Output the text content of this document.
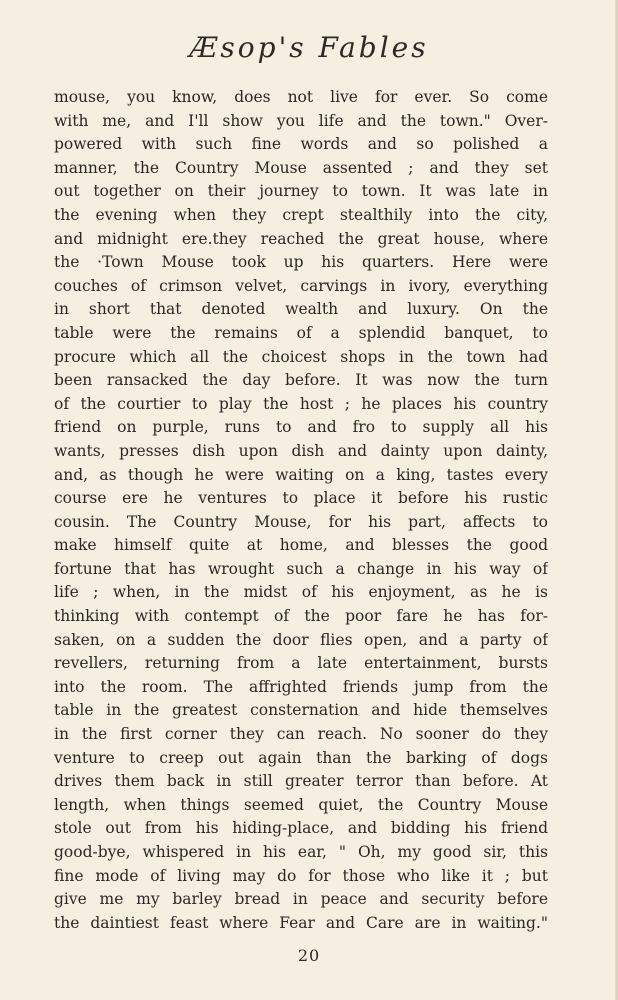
Æsop's Fables
mouse, you know, does not live for ever. So come
with me, and I'll show you life and the town." Over-
powered with such fine words and so polished a
manner, the Country Mouse assented ; and they set
out together on their journey to town. It was late in
the evening when they crept stealthily into the city,
and midnight ere.they reached the great house, where
the ·Town Mouse took up his quarters. Here were
couches of crimson velvet, carvings in ivory, everything
in short that denoted wealth and luxury. On the
table were the remains of a splendid banquet, to
procure which all the choicest shops in the town had
been ransacked the day before. It was now the turn
of the courtier to play the host ; he places his country
friend on purple, runs to and fro to supply all his
wants, presses dish upon dish and dainty upon dainty,
and, as though he were waiting on a king, tastes every
course ere he ventures to place it before his rustic
cousin. The Country Mouse, for his part, affects to
make himself quite at home, and blesses the good
fortune that has wrought such a change in his way of
life ; when, in the midst of his enjoyment, as he is
thinking with contempt of the poor fare he has for-
saken, on a sudden the door flies open, and a party of
revellers, returning from a late entertainment, bursts
into the room. The affrighted friends jump from the
table in the greatest consternation and hide themselves
in the first corner they can reach. No sooner do they
venture to creep out again than the barking of dogs
drives them back in still greater terror than before. At
length, when things seemed quiet, the Country Mouse
stole out from his hiding-place, and bidding his friend
good-bye, whispered in his ear, " Oh, my good sir, this
fine mode of living may do for those who like it ; but
give me my barley bread in peace and security before
the daintiest feast where Fear and Care are in waiting."
20
